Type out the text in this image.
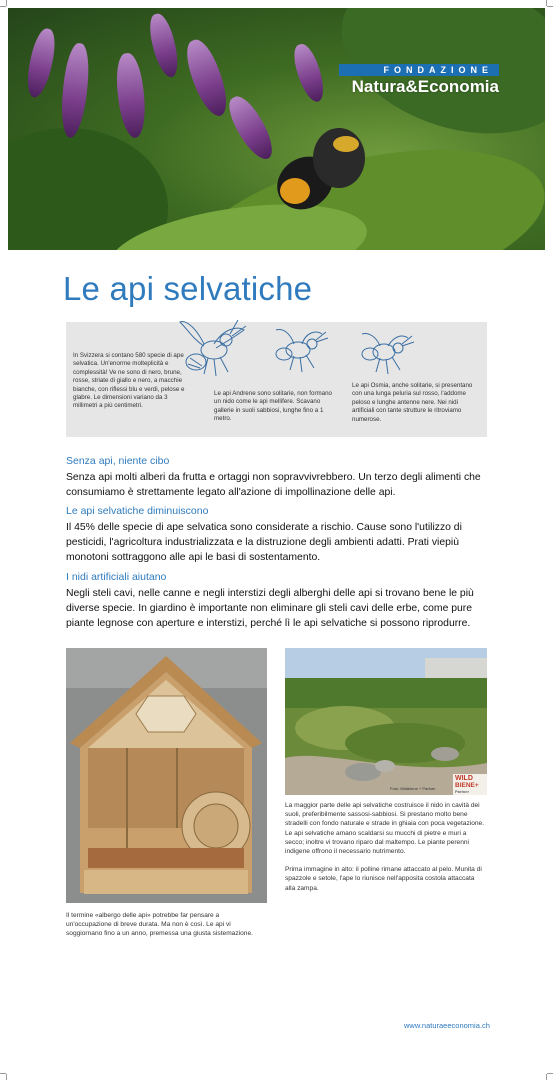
FONDAZIONE
Natura&Economia
Le api selvatiche
In Svizzera si contano 580 specie di ape selvatica. Un'enorme molteplicità e complessità! Ve ne sono di nero, brune, rosse, striate di giallo e nero, a macchie bianche, con riflessi blu e verdi, pelose e glabre. Le dimensioni variano da 3 millimetri a più centimetri.
Le api Andrene sono solitarie, non formano un nido come le api mellifere. Scavano gallerie in suoli sabbiosi, lunghe fino a 1 metro.
Le api Osmia, anche solitarie, si presentano con una lunga peluria sul rosso, l'addome peloso e lunghe antenne nere. Nei nidi artificiali con tante strutture le ritroviamo numerose.
Senza api, niente cibo

Senza api molti alberi da frutta e ortaggi non sopravvivrebbero. Un terzo degli alimenti che consumiamo è strettamente legato all'azione di impollinazione delle api.

Le api selvatiche diminuiscono

Il 45% delle specie di ape selvatica sono considerate a rischio. Cause sono l'utilizzo di pesticidi, l'agricoltura industrializzata e la distruzione degli ambienti adatti. Prati viepiù monotoni sottraggono alle api le basi di sostentamento.

I nidi artificiali aiutano

Negli steli cavi, nelle canne e negli interstizi degli alberghi delle api si trovano bene le più diverse specie. In giardino è importante non eliminare gli steli cavi delle erbe, come pure piante legnose con aperture e interstizi, perché lì le api selvatiche si possono riprodurre.

Foto: Wildbiene + Partner
WILD
BIENE+
Partner

Il termine «albergo delle api» potrebbe far pensare a un'occupazione di breve durata. Ma non è così. Le api vi soggiornano fino a un anno, premessa una giusta sistemazione.

La maggior parte delle api selvatiche costruisce il nido in cavità dei suoli, preferibilmente sassosi-sabbiosi. Si prestano molto bene stradelli con fondo naturale e strade in ghiaia con poca vegetazione. Le api selvatiche amano scaldarsi su mucchi di pietre e muri a secco; inoltre vi trovano riparo dal maltempo. Le piante perenni indigene offrono il necessario nutrimento.

Prima immagine in alto: il polline rimane attaccato al pelo. Munita di spazzole e setole, l'ape lo riunisce nell'apposita costola attaccata alla zampa.

www.naturaeeconomia.ch
